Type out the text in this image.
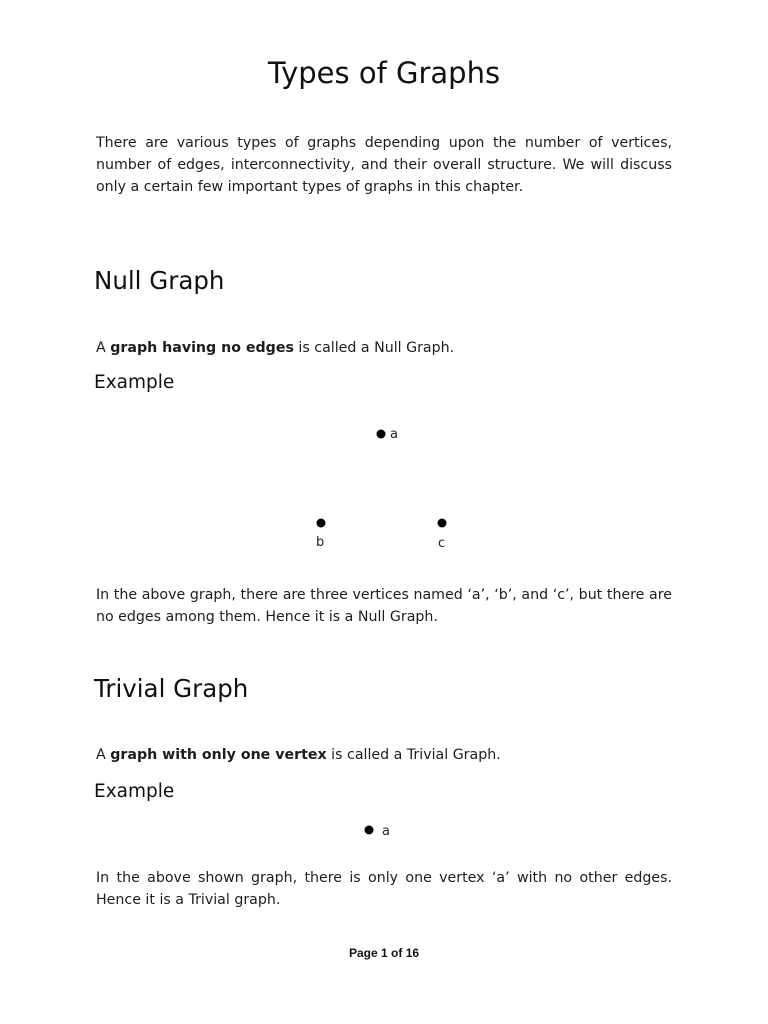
Types of Graphs

There are various types of graphs depending upon the number of vertices, number of edges, interconnectivity, and their overall structure. We will discuss only a certain few important types of graphs in this chapter.

Null Graph

A graph having no edges is called a Null Graph.

Example
a
b	c

In the above graph, there are three vertices named ‘a’, ‘b’, and ‘c’, but there are no edges among them. Hence it is a Null Graph.

Trivial Graph

A graph with only one vertex is called a Trivial Graph.

Example
a

In the above shown graph, there is only one vertex ‘a’ with no other edges. Hence it is a Trivial graph.

Page 1 of 16
